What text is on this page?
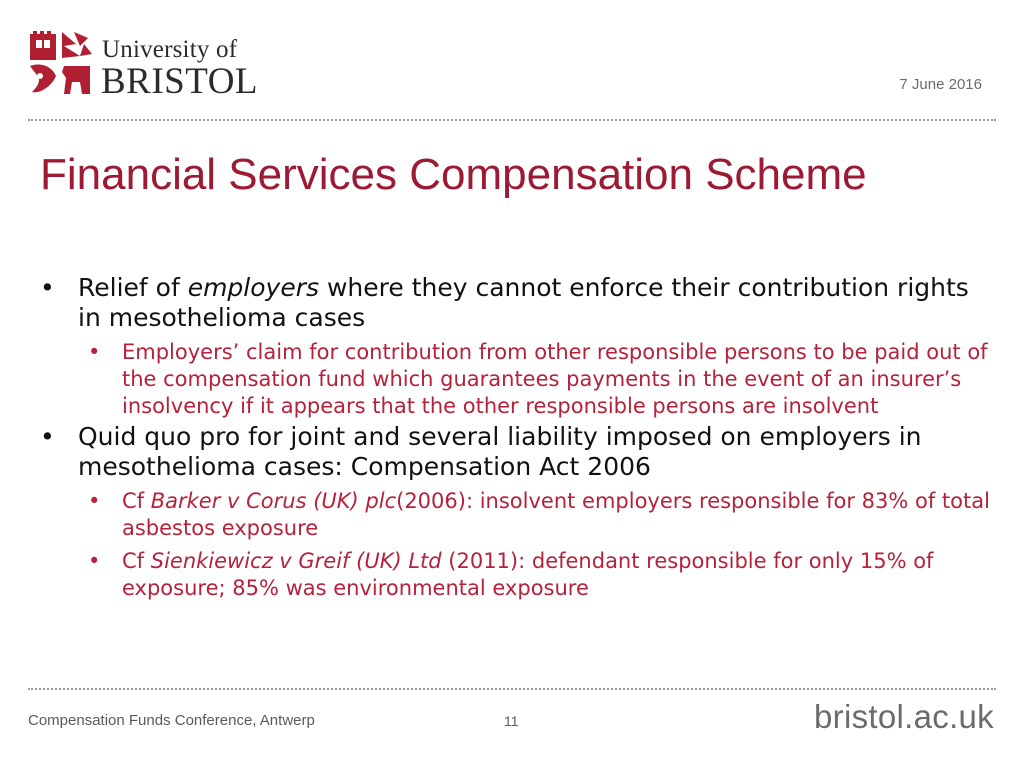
University of
BRISTOL	7 June 2016
Financial Services Compensation Scheme
• Relief of employers where they cannot enforce their contribution rights in mesothelioma cases
• Employers’ claim for contribution from other responsible persons to be paid out of the compensation fund which guarantees payments in the event of an insurer’s insolvency if it appears that the other responsible persons are insolvent
• Quid quo pro for joint and several liability imposed on employers in mesothelioma cases: Compensation Act 2006
• Cf Barker v Corus (UK) plc(2006): insolvent employers responsible for 83% of total asbestos exposure
• Cf Sienkiewicz v Greif (UK) Ltd (2011): defendant responsible for only 15% of exposure; 85% was environmental exposure
Compensation Funds Conference, Antwerp	11	bristol.ac.uk
